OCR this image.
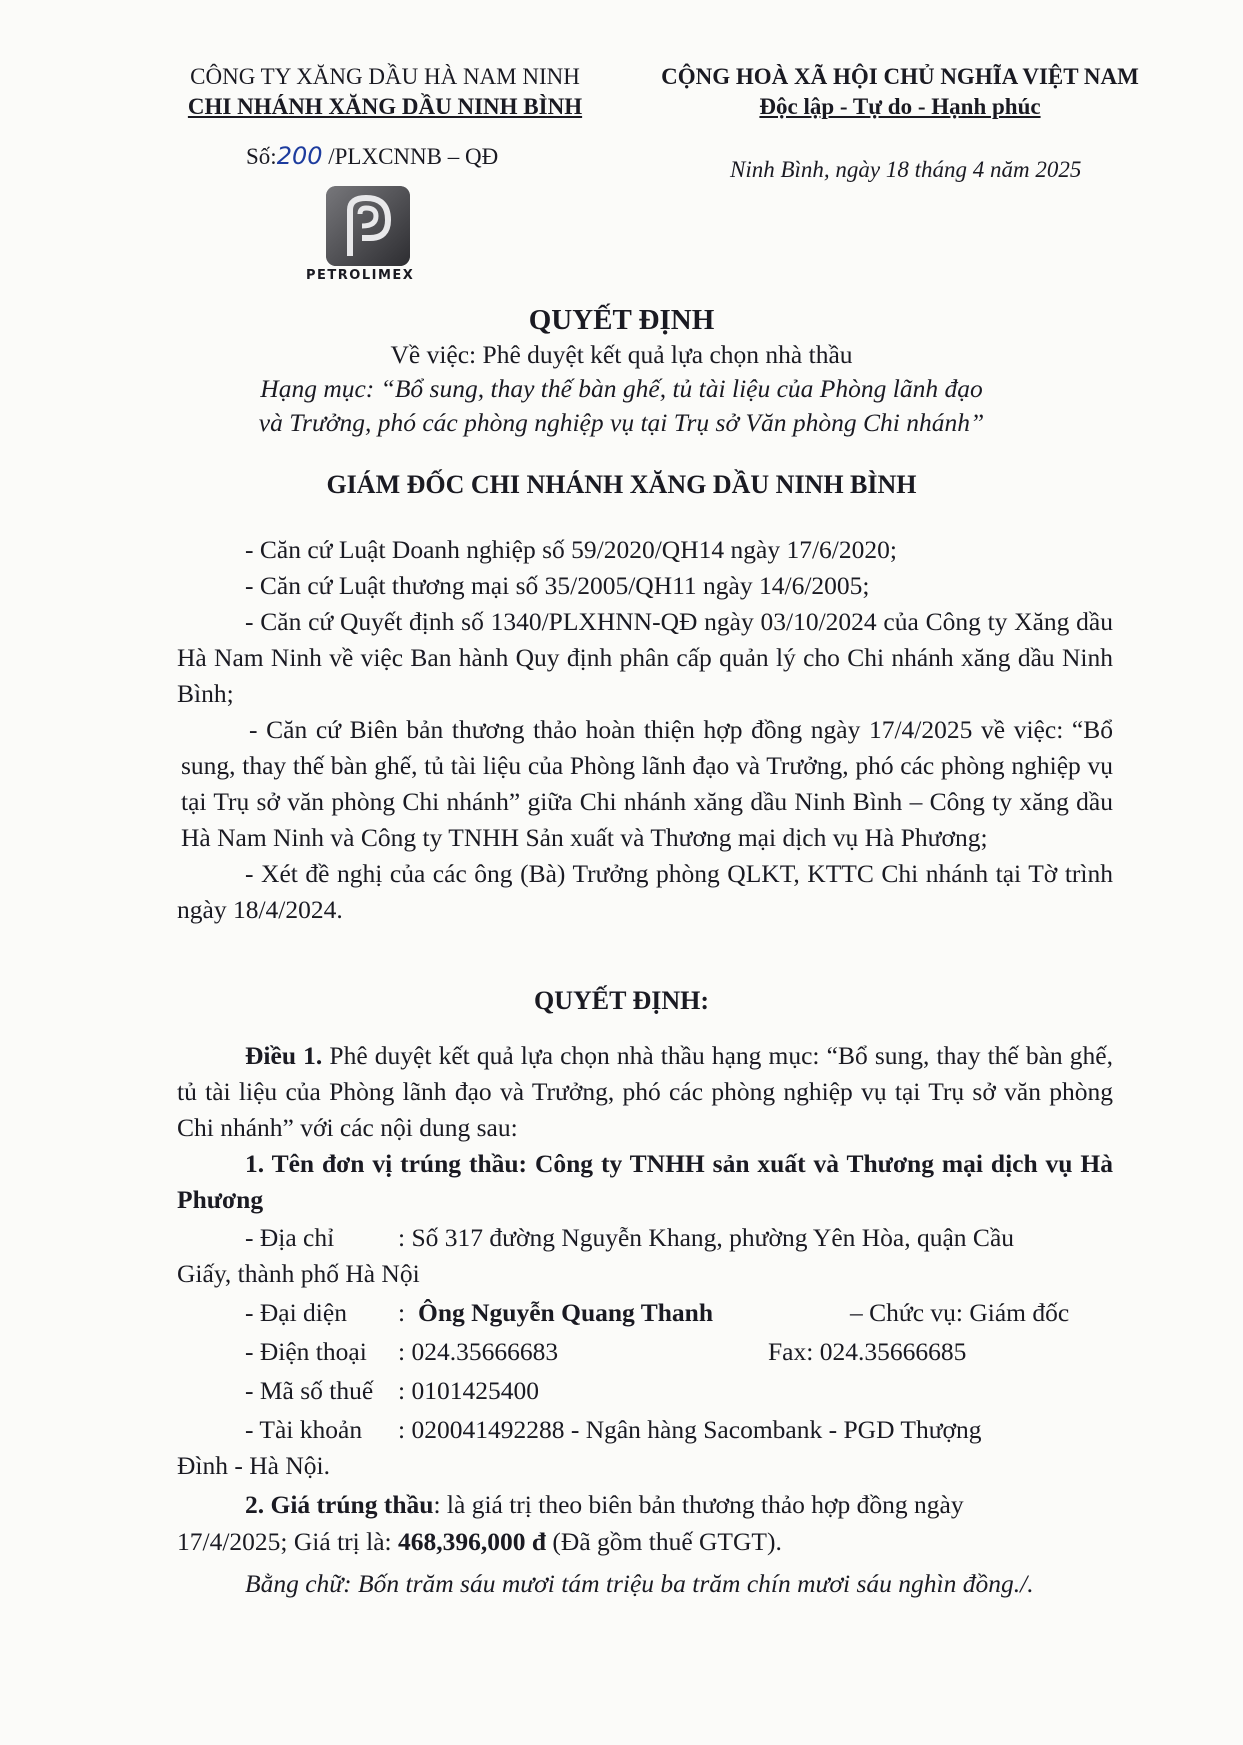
CÔNG TY XĂNG DẦU HÀ NAM NINH
CHI NHÁNH XĂNG DẦU NINH BÌNH
Số:200 /PLXCNNB – QĐ
PETROLIMEX
CỘNG HOÀ XÃ HỘI CHỦ NGHĨA VIỆT NAM
Độc lập - Tự do - Hạnh phúc
Ninh Bình, ngày 18 tháng 4 năm 2025
QUYẾT ĐỊNH
Về việc: Phê duyệt kết quả lựa chọn nhà thầu
Hạng mục: “Bổ sung, thay thế bàn ghế, tủ tài liệu của Phòng lãnh đạo
và Trưởng, phó các phòng nghiệp vụ tại Trụ sở Văn phòng Chi nhánh”
GIÁM ĐỐC CHI NHÁNH XĂNG DẦU NINH BÌNH

- Căn cứ Luật Doanh nghiệp số 59/2020/QH14 ngày 17/6/2020;

- Căn cứ Luật thương mại số 35/2005/QH11 ngày 14/6/2005;

- Căn cứ Quyết định số 1340/PLXHNN-QĐ ngày 03/10/2024 của Công ty Xăng dầu Hà Nam Ninh về việc Ban hành Quy định phân cấp quản lý cho Chi nhánh xăng dầu Ninh Bình;

- Căn cứ Biên bản thương thảo hoàn thiện hợp đồng ngày 17/4/2025 về việc: “Bổ sung, thay thế bàn ghế, tủ tài liệu của Phòng lãnh đạo và Trưởng, phó các phòng nghiệp vụ tại Trụ sở văn phòng Chi nhánh” giữa Chi nhánh xăng dầu Ninh Bình – Công ty xăng dầu Hà Nam Ninh và Công ty TNHH Sản xuất và Thương mại dịch vụ Hà Phương;

- Xét đề nghị của các ông (Bà) Trưởng phòng QLKT, KTTC Chi nhánh tại Tờ trình ngày 18/4/2024.

QUYẾT ĐỊNH:

Điều 1. Phê duyệt kết quả lựa chọn nhà thầu hạng mục: “Bổ sung, thay thế bàn ghế, tủ tài liệu của Phòng lãnh đạo và Trưởng, phó các phòng nghiệp vụ tại Trụ sở văn phòng Chi nhánh” với các nội dung sau:

1. Tên đơn vị trúng thầu: Công ty TNHH sản xuất và Thương mại dịch vụ Hà Phương

- Địa chỉ	: Số 317 đường Nguyễn Khang, phường Yên Hòa, quận Cầu
Giấy, thành phố Hà Nội
- Đại diện : Ông Nguyễn Quang Thanh	– Chức vụ: Giám đốc
- Điện thoại : 024.35666683	Fax: 024.35666685
- Mã số thuế : 0101425400
- Tài khoản : 020041492288 - Ngân hàng Sacombank - PGD Thượng
Đình - Hà Nội.
2. Giá trúng thầu: là giá trị theo biên bản thương thảo hợp đồng ngày
17/4/2025; Giá trị là: 468,396,000 đ (Đã gồm thuế GTGT).

Bằng chữ: Bốn trăm sáu mươi tám triệu ba trăm chín mươi sáu nghìn đồng./.
